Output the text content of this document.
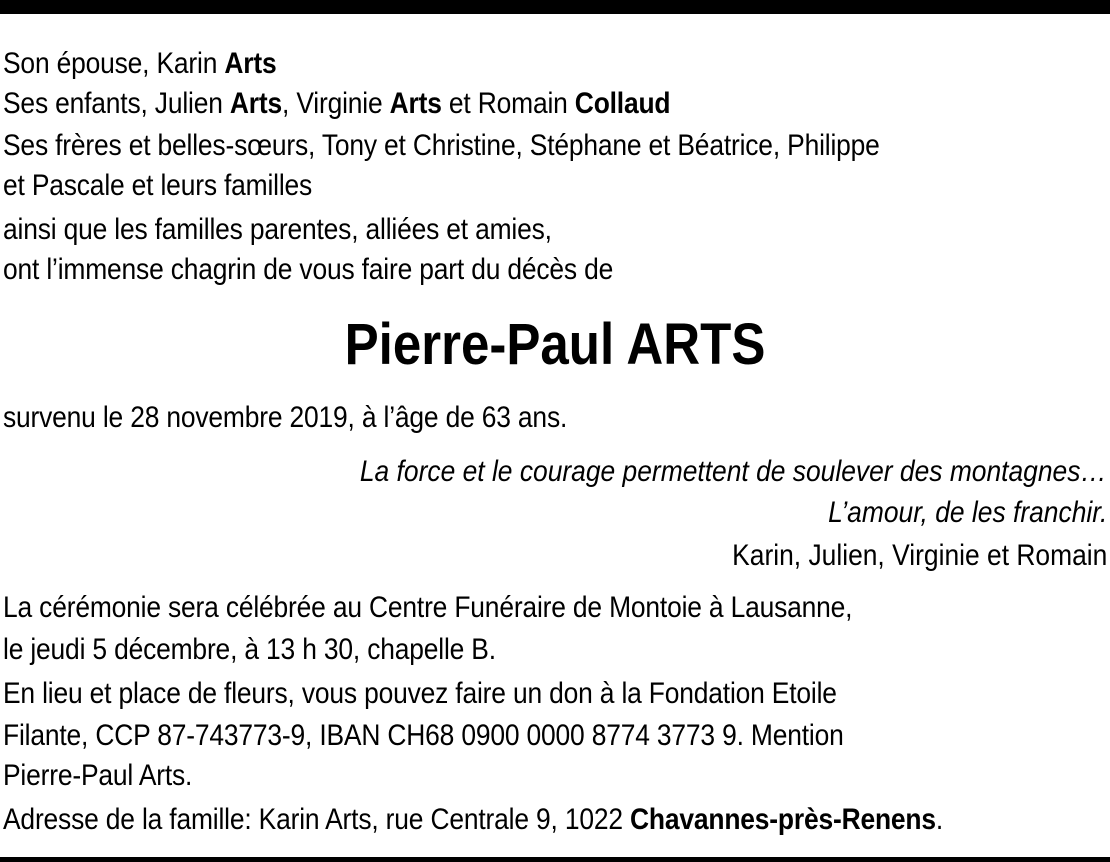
Son épouse, Karin Arts
Ses enfants, Julien Arts, Virginie Arts et Romain Collaud
Ses frères et belles-sœurs, Tony et Christine, Stéphane et Béatrice, Philippe
et Pascale et leurs familles
ainsi que les familles parentes, alliées et amies,
ont l’immense chagrin de vous faire part du décès de
Pierre-Paul ARTS
survenu le 28 novembre 2019, à l’âge de 63 ans.
La force et le courage permettent de soulever des montagnes…
L’amour, de les franchir.
Karin, Julien, Virginie et Romain
La cérémonie sera célébrée au Centre Funéraire de Montoie à Lausanne,
le jeudi 5 décembre, à 13 h 30, chapelle B.
En lieu et place de fleurs, vous pouvez faire un don à la Fondation Etoile
Filante, CCP 87-743773-9, IBAN CH68 0900 0000 8774 3773 9. Mention
Pierre-Paul Arts.
Adresse de la famille: Karin Arts, rue Centrale 9, 1022 Chavannes-près-Renens.
